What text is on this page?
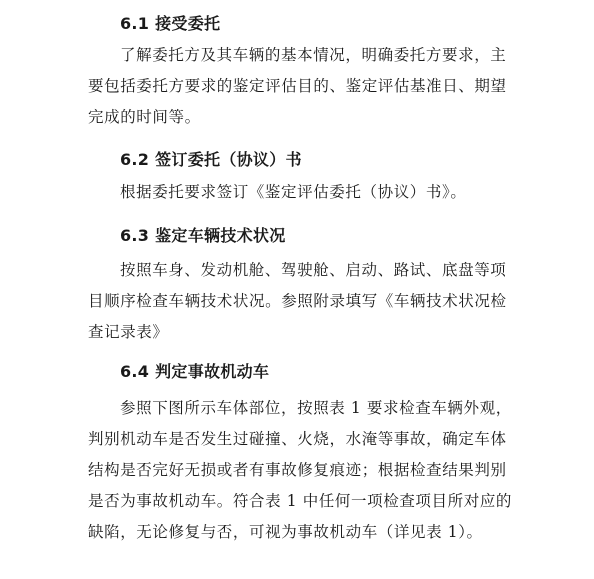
6.1 接受委托
了解委托方及其车辆的基本情况，明确委托方要求，主
要包括委托方要求的鉴定评估目的、鉴定评估基准日、期望
完成的时间等。
6.2 签订委托（协议）书
根据委托要求签订《鉴定评估委托（协议）书》。
6.3 鉴定车辆技术状况
按照车身、发动机舱、驾驶舱、启动、路试、底盘等项
目顺序检查车辆技术状况。参照附录填写《车辆技术状况检
查记录表》
6.4 判定事故机动车
参照下图所示车体部位，按照表 1 要求检查车辆外观，
判别机动车是否发生过碰撞、火烧，水淹等事故，确定车体
结构是否完好无损或者有事故修复痕迹；根据检查结果判别
是否为事故机动车。符合表 1 中任何一项检查项目所对应的
缺陷，无论修复与否，可视为事故机动车（详见表 1）。
